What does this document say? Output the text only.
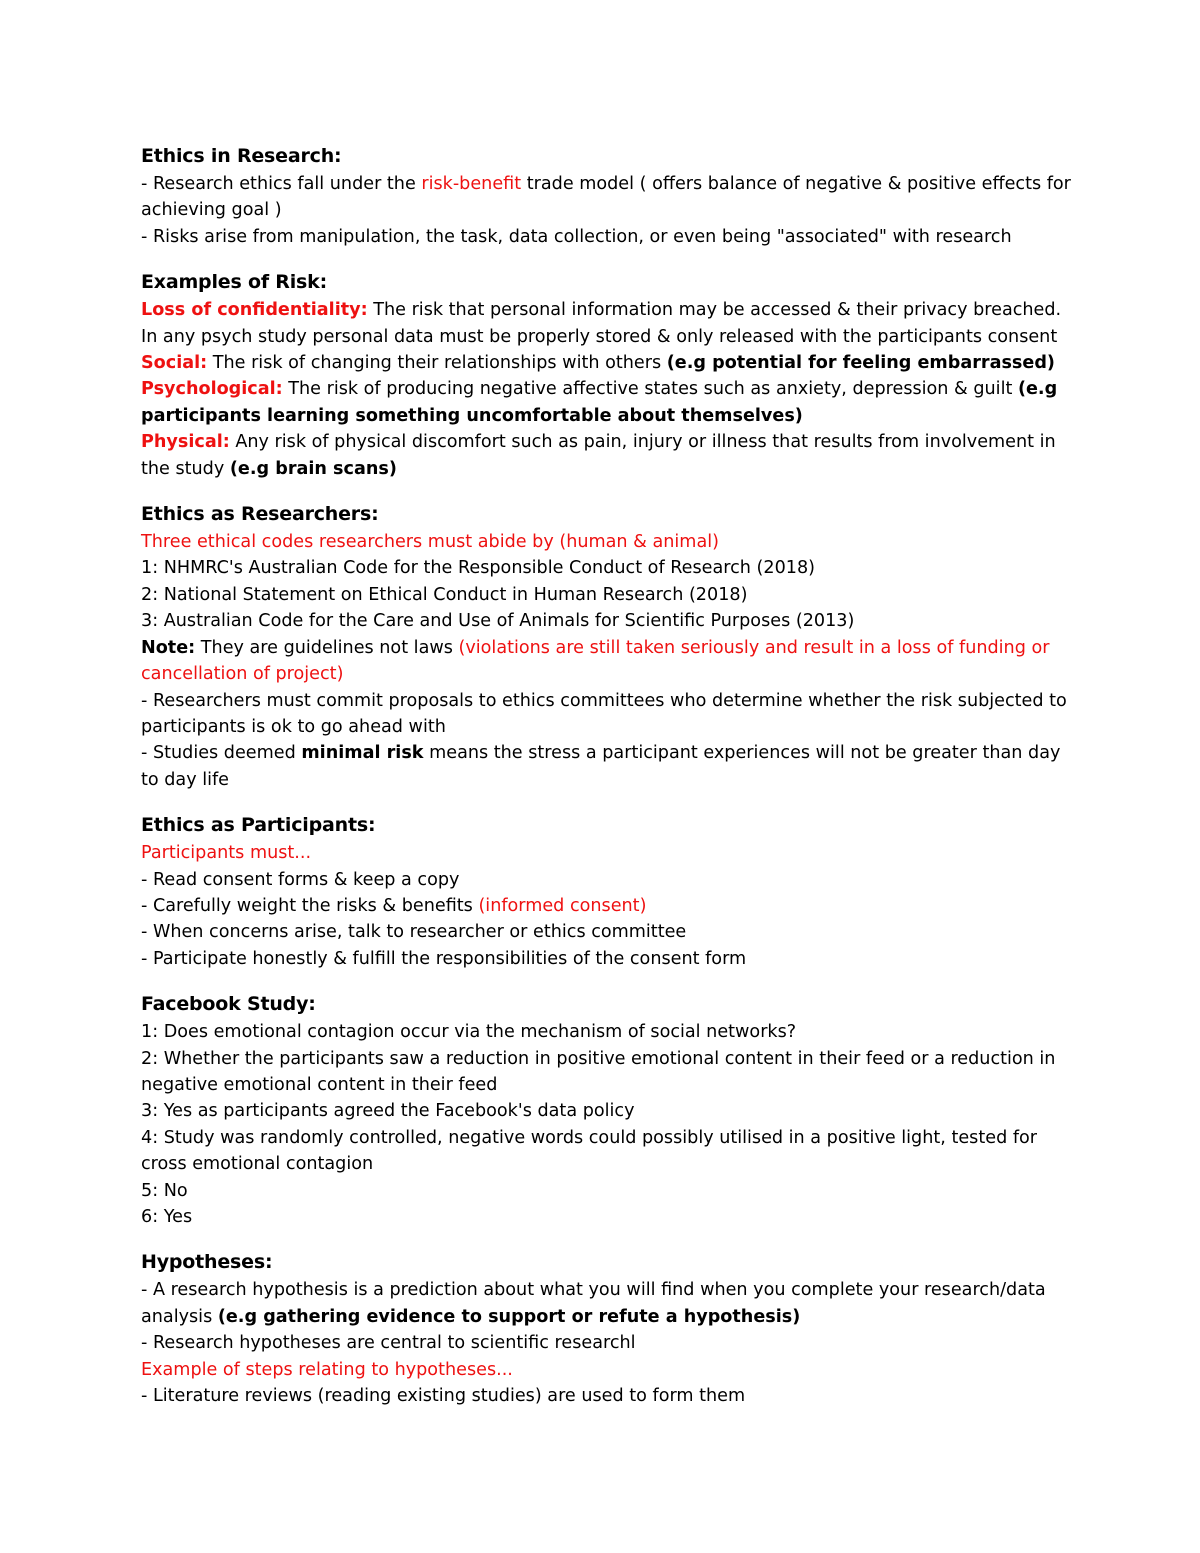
Ethics in Research:

- Research ethics fall under the risk-benefit trade model ( offers balance of negative & positive effects for achieving goal )

- Risks arise from manipulation, the task, data collection, or even being "associated" with research

Examples of Risk:

Loss of confidentiality: The risk that personal information may be accessed & their privacy breached. In any psych study personal data must be properly stored & only released with the participants consent

Social: The risk of changing their relationships with others (e.g potential for feeling embarrassed)

Psychological: The risk of producing negative affective states such as anxiety, depression & guilt (e.g participants learning something uncomfortable about themselves)

Physical: Any risk of physical discomfort such as pain, injury or illness that results from involvement in the study (e.g brain scans)

Ethics as Researchers:

Three ethical codes researchers must abide by (human & animal)

1: NHMRC's Australian Code for the Responsible Conduct of Research (2018)

2: National Statement on Ethical Conduct in Human Research (2018)

3: Australian Code for the Care and Use of Animals for Scientific Purposes (2013)

Note: They are guidelines not laws (violations are still taken seriously and result in a loss of funding or cancellation of project)

- Researchers must commit proposals to ethics committees who determine whether the risk subjected to participants is ok to go ahead with

- Studies deemed minimal risk means the stress a participant experiences will not be greater than day to day life

Ethics as Participants:

Participants must...

- Read consent forms & keep a copy

- Carefully weight the risks & benefits (informed consent)

- When concerns arise, talk to researcher or ethics committee

- Participate honestly & fulfill the responsibilities of the consent form

Facebook Study:

1: Does emotional contagion occur via the mechanism of social networks?

2: Whether the participants saw a reduction in positive emotional content in their feed or a reduction in negative emotional content in their feed

3: Yes as participants agreed the Facebook's data policy

4: Study was randomly controlled, negative words could possibly utilised in a positive light, tested for cross emotional contagion

5: No

6: Yes

Hypotheses:

- A research hypothesis is a prediction about what you will find when you complete your research/data analysis (e.g gathering evidence to support or refute a hypothesis)

- Research hypotheses are central to scientific researchl

Example of steps relating to hypotheses...

- Literature reviews (reading existing studies) are used to form them
